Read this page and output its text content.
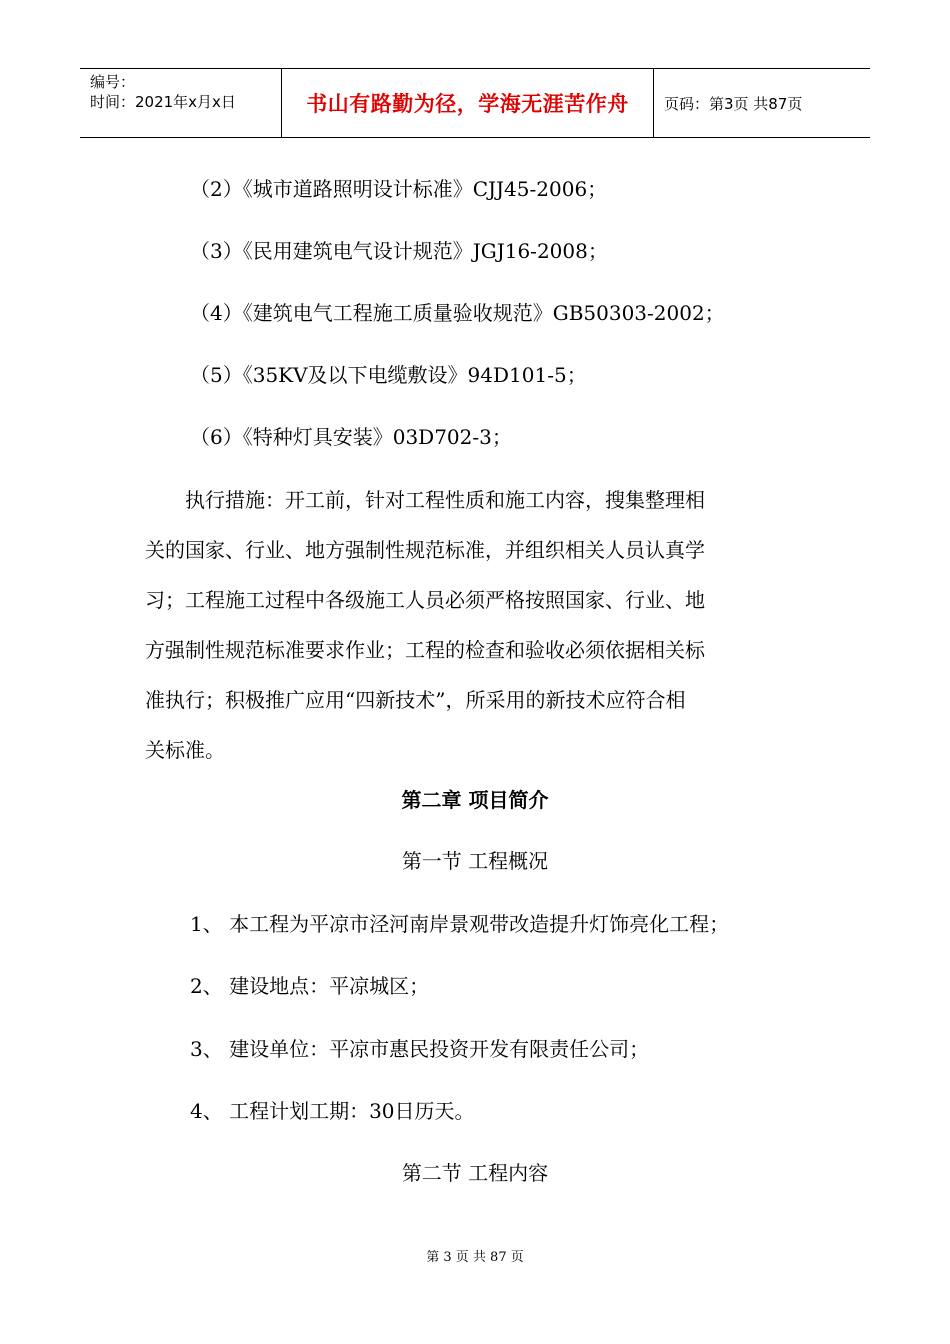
编号：
时间：2021年x月x日	书山有路勤为径，学海无涯苦作舟	页码：第3页 共87页
（2）《城市道路照明设计标准》CJJ45-2006；
（3）《民用建筑电气设计规范》JGJ16-2008；
（4）《建筑电气工程施工质量验收规范》GB50303-2002；
（5）《35KV及以下电缆敷设》94D101-5；
（6）《特种灯具安装》03D702-3；
　　执行措施：开工前，针对工程性质和施工内容，搜集整理相
关的国家、行业、地方强制性规范标准，并组织相关人员认真学
习；工程施工过程中各级施工人员必须严格按照国家、行业、地
方强制性规范标准要求作业；工程的检查和验收必须依据相关标
准执行；积极推广应用“四新技术”，所采用的新技术应符合相
关标准。
第二章 项目简介
第一节 工程概况
1、 本工程为平凉市泾河南岸景观带改造提升灯饰亮化工程；
2、 建设地点：平凉城区；
3、 建设单位：平凉市惠民投资开发有限责任公司；
4、 工程计划工期：30日历天。
第二节 工程内容
第 3 页 共 87 页
